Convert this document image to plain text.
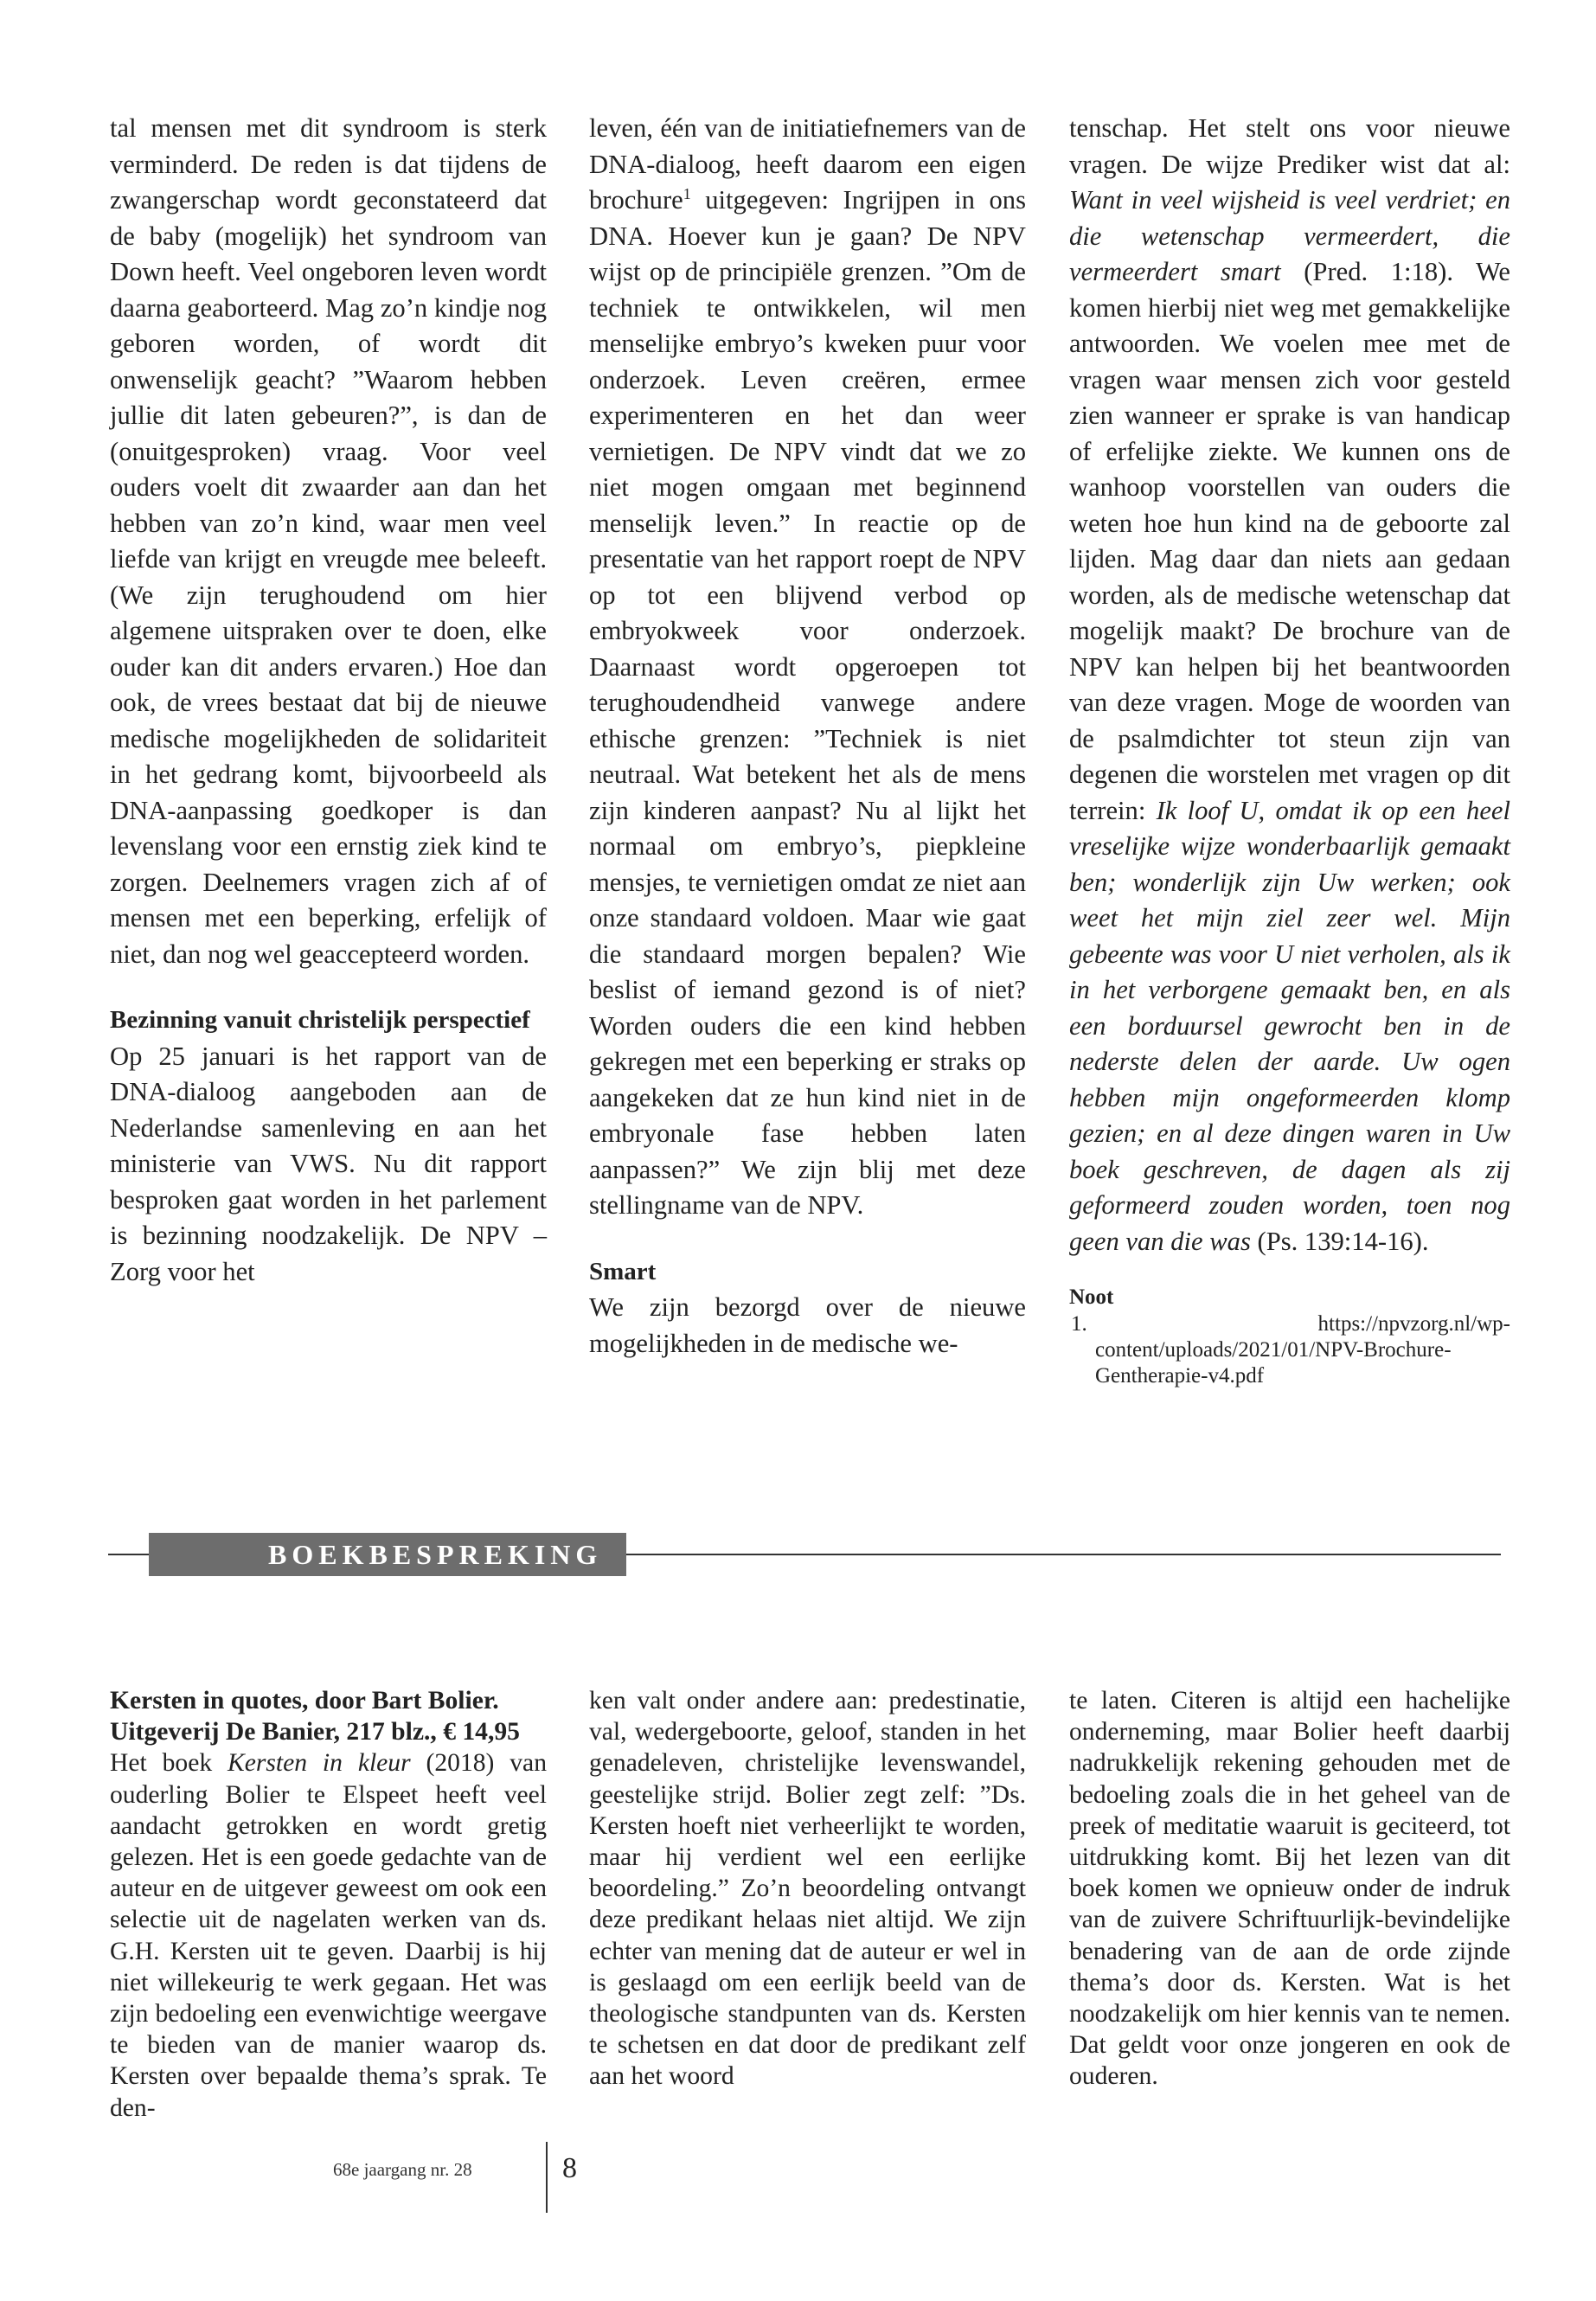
tal mensen met dit syndroom is sterk verminderd. De reden is dat tijdens de zwangerschap wordt geconstateerd dat de baby (mogelijk) het syndroom van Down heeft. Veel ongeboren leven wordt daarna geaborteerd. Mag zo’n kindje nog geboren worden, of wordt dit onwenselijk geacht? ”Waarom hebben jullie dit laten gebeuren?”, is dan de (onuitgesproken) vraag. Voor veel ouders voelt dit zwaarder aan dan het hebben van zo’n kind, waar men veel liefde van krijgt en vreugde mee beleeft. (We zijn terughoudend om hier algemene uitspraken over te doen, elke ouder kan dit anders ervaren.) Hoe dan ook, de vrees bestaat dat bij de nieuwe medische mogelijkheden de solidariteit in het gedrang komt, bijvoorbeeld als DNA-aanpassing goedkoper is dan levenslang voor een ernstig ziek kind te zorgen. Deelnemers vragen zich af of mensen met een beperking, erfelijk of niet, dan nog wel geaccepteerd worden.

Bezinning vanuit christelijk perspectief

Op 25 januari is het rapport van de DNA-dialoog aangeboden aan de Nederlandse samenleving en aan het ministerie van VWS. Nu dit rapport besproken gaat worden in het parlement is bezinning noodzakelijk. De NPV – Zorg voor het

leven, één van de initiatiefnemers van de DNA-dialoog, heeft daarom een eigen brochure$^1$ uitgegeven: Ingrijpen in ons DNA. Hoever kun je gaan? De NPV wijst op de principiële grenzen. ”Om de techniek te ontwikkelen, wil men menselijke embryo’s kweken puur voor onderzoek. Leven creëren, ermee experimenteren en het dan weer vernietigen. De NPV vindt dat we zo niet mogen omgaan met beginnend menselijk leven.” In reactie op de presentatie van het rapport roept de NPV op tot een blijvend verbod op embryokweek voor onderzoek. Daarnaast wordt opgeroepen tot terughoudendheid vanwege andere ethische grenzen: ”Techniek is niet neutraal. Wat betekent het als de mens zijn kinderen aanpast? Nu al lijkt het normaal om embryo’s, piepkleine mensjes, te vernietigen omdat ze niet aan onze standaard voldoen. Maar wie gaat die standaard morgen bepalen? Wie beslist of iemand gezond is of niet? Worden ouders die een kind hebben gekregen met een beperking er straks op aangekeken dat ze hun kind niet in de embryonale fase hebben laten aanpassen?” We zijn blij met deze stellingname van de NPV.

Smart

We zijn bezorgd over de nieuwe mogelijkheden in de medische we-

tenschap. Het stelt ons voor nieuwe vragen. De wijze Prediker wist dat al: Want in veel wijsheid is veel verdriet; en die wetenschap vermeerdert, die vermeerdert smart (Pred. 1:18). We komen hierbij niet weg met gemakkelijke antwoorden. We voelen mee met de vragen waar mensen zich voor gesteld zien wanneer er sprake is van handicap of erfelijke ziekte. We kunnen ons de wanhoop voorstellen van ouders die weten hoe hun kind na de geboorte zal lijden. Mag daar dan niets aan gedaan worden, als de medische wetenschap dat mogelijk maakt? De brochure van de NPV kan helpen bij het beantwoorden van deze vragen. Moge de woorden van de psalmdichter tot steun zijn van degenen die worstelen met vragen op dit terrein: Ik loof U, omdat ik op een heel vreselijke wijze wonderbaarlijk gemaakt ben; wonderlijk zijn Uw werken; ook weet het mijn ziel zeer wel. Mijn gebeente was voor U niet verholen, als ik in het verborgene gemaakt ben, en als een borduursel gewrocht ben in de nederste delen der aarde. Uw ogen hebben mijn ongeformeerden klomp gezien; en al deze dingen waren in Uw boek geschreven, de dagen als zij geformeerd zouden worden, toen nog geen van die was (Ps. 139:14-16).

Noot

1. https://npvzorg.nl/wp-content/uploads/2021/01/NPV-Brochure-Gentherapie-v4.pdf

BOEKBESPREKING

Kersten in quotes, door Bart Bolier. Uitgeverij De Banier, 217 blz., € 14,95

Het boek Kersten in kleur (2018) van ouderling Bolier te Elspeet heeft veel aandacht getrokken en wordt gretig gelezen. Het is een goede gedachte van de auteur en de uitgever geweest om ook een selectie uit de nagelaten werken van ds. G.H. Kersten uit te geven. Daarbij is hij niet willekeurig te werk gegaan. Het was zijn bedoeling een evenwichtige weergave te bieden van de manier waarop ds. Kersten over bepaalde thema’s sprak. Te den-

ken valt onder andere aan: predestinatie, val, wedergeboorte, geloof, standen in het genadeleven, christelijke levenswandel, geestelijke strijd. Bolier zegt zelf: ”Ds. Kersten hoeft niet verheerlijkt te worden, maar hij verdient wel een eerlijke beoordeling.” Zo’n beoordeling ontvangt deze predikant helaas niet altijd. We zijn echter van mening dat de auteur er wel in is geslaagd om een eerlijk beeld van de theologische standpunten van ds. Kersten te schetsen en dat door de predikant zelf aan het woord

te laten. Citeren is altijd een hachelijke onderneming, maar Bolier heeft daarbij nadrukkelijk rekening gehouden met de bedoeling zoals die in het geheel van de preek of meditatie waaruit is geciteerd, tot uitdrukking komt. Bij het lezen van dit boek komen we opnieuw onder de indruk van de zuivere Schriftuurlijk-bevindelijke benadering van de aan de orde zijnde thema’s door ds. Kersten. Wat is het noodzakelijk om hier kennis van te nemen. Dat geldt voor onze jongeren en ook de ouderen.

68e jaargang nr. 28	8
